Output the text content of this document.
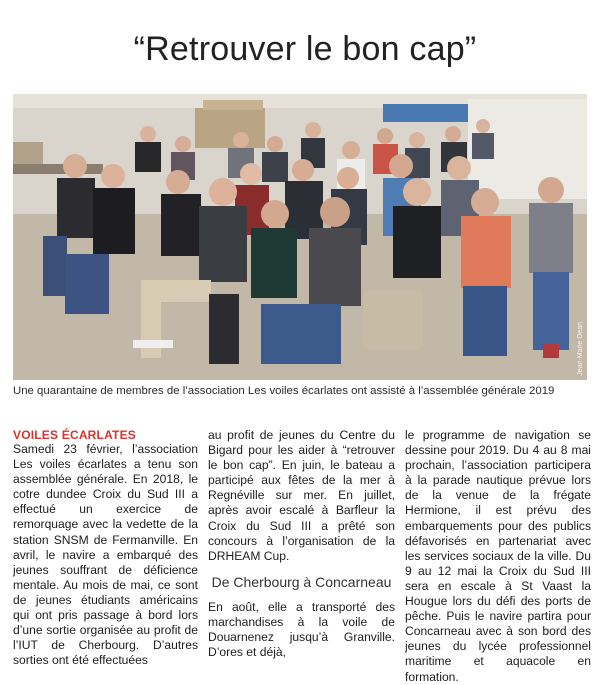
“Retrouver le bon cap”
Jean-Marie Dean
Une quarantaine de membres de l’association Les voiles écarlates ont assisté à l’assemblée générale 2019
VOILES ÉCARLATES

Samedi 23 février, l’association Les voiles écarlates a tenu son assemblée générale. En 2018, le cotre dundee Croix du Sud III a effectué un exercice de remorquage avec la vedette de la station SNSM de Fermanville. En avril, le navire a embarqué des jeunes souffrant de déficience mentale. Au mois de mai, ce sont de jeunes étudiants américains qui ont pris passage à bord lors d’une sortie organisée au profit de l’IUT de Cherbourg. D’autres sorties ont été effectuées

au profit de jeunes du Centre du Bigard pour les aider à “retrouver le bon cap”. En juin, le bateau a participé aux fêtes de la mer à Regnéville sur mer. En juillet, après avoir escalé à Barfleur la Croix du Sud III a prêté son concours à l’organisation de la DRHEAM Cup.

De Cherbourg à Concarneau

En août, elle a transporté des marchandises à la voile de Douarnenez jusqu’à Granville. D’ores et déjà,

le programme de navigation se dessine pour 2019. Du 4 au 8 mai prochain, l’association participera à la parade nautique prévue lors de la venue de la frégate Hermione, il est prévu des embarquements pour des publics défavorisés en partenariat avec les services sociaux de la ville. Du 9 au 12 mai la Croix du Sud III sera en escale à St Vaast la Hougue lors du défi des ports de pêche. Puis le navire partira pour Concarneau avec à son bord des jeunes du lycée professionnel maritime et aquacole en formation.
